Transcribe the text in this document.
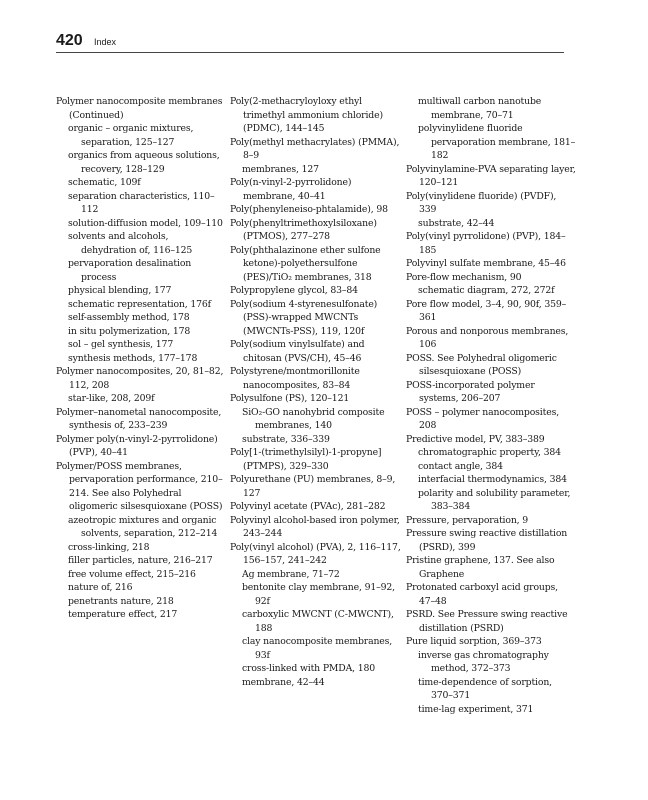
420 Index

Polymer nanocomposite membranes (Continued)

organic – organic mixtures, separation, 125–127

organics from aqueous solutions, recovery, 128–129

schematic, 109f

separation characteristics, 110–112

solution-diffusion model, 109–110

solvents and alcohols, dehydration of, 116–125

pervaporation desalination process

physical blending, 177

schematic representation, 176f

self-assembly method, 178

in situ polymerization, 178

sol – gel synthesis, 177

synthesis methods, 177–178

Polymer nanocomposites, 20, 81–82, 112, 208

star-like, 208, 209f

Polymer–nanometal nanocomposite, synthesis of, 233–239

Polymer poly(n-vinyl-2-pyrrolidone) (PVP), 40–41

Polymer/POSS membranes, pervaporation performance, 210–214. See also Polyhedral oligomeric silsesquioxane (POSS)

azeotropic mixtures and organic solvents, separation, 212–214

cross-linking, 218

filler particles, nature, 216–217

free volume effect, 215–216

nature of, 216

penetrants nature, 218

temperature effect, 217

Poly(2-methacryloyloxy ethyl trimethyl ammonium chloride) (PDMC), 144–145

Poly(methyl methacrylates) (PMMA), 8–9

membranes, 127

Poly(n-vinyl-2-pyrrolidone) membrane, 40–41

Poly(phenyleneiso-phtalamide), 98

Poly(phenyltrimethoxylsiloxane) (PTMOS), 277–278

Poly(phthalazinone ether sulfone ketone)-polyethersulfone (PES)/TiO₂ membranes, 318

Polypropylene glycol, 83–84

Poly(sodium 4-styrenesulfonate) (PSS)-wrapped MWCNTs (MWCNTs-PSS), 119, 120f

Poly(sodium vinylsulfate) and chitosan (PVS/CH), 45–46

Polystyrene/montmorillonite nanocomposites, 83–84

Polysulfone (PS), 120–121

SiO₂-GO nanohybrid composite membranes, 140

substrate, 336–339

Poly[1-(trimethylsilyl)-1-propyne] (PTMPS), 329–330

Polyurethane (PU) membranes, 8–9, 127

Polyvinyl acetate (PVAc), 281–282

Polyvinyl alcohol-based iron polymer, 243–244

Poly(vinyl alcohol) (PVA), 2, 116–117, 156–157, 241–242

Ag membrane, 71–72

bentonite clay membrane, 91–92, 92f

carboxylic MWCNT (C-MWCNT), 188

clay nanocomposite membranes, 93f

cross-linked with PMDA, 180

membrane, 42–44

multiwall carbon nanotube membrane, 70–71

polyvinylidene fluoride pervaporation membrane, 181–182

Polyvinylamine-PVA separating layer, 120–121

Poly(vinylidene fluoride) (PVDF), 339

substrate, 42–44

Poly(vinyl pyrrolidone) (PVP), 184–185

Polyvinyl sulfate membrane, 45–46

Pore-flow mechanism, 90

schematic diagram, 272, 272f

Pore flow model, 3–4, 90, 90f, 359–361

Porous and nonporous membranes, 106

POSS. See Polyhedral oligomeric silsesquioxane (POSS)

POSS-incorporated polymer systems, 206–207

POSS – polymer nanocomposites, 208

Predictive model, PV, 383–389

chromatographic property, 384

contact angle, 384

interfacial thermodynamics, 384

polarity and solubility parameter, 383–384

Pressure, pervaporation, 9

Pressure swing reactive distillation (PSRD), 399

Pristine graphene, 137. See also Graphene

Protonated carboxyl acid groups, 47–48

PSRD. See Pressure swing reactive distillation (PSRD)

Pure liquid sorption, 369–373

inverse gas chromatography method, 372–373

time-dependence of sorption, 370–371

time-lag experiment, 371
